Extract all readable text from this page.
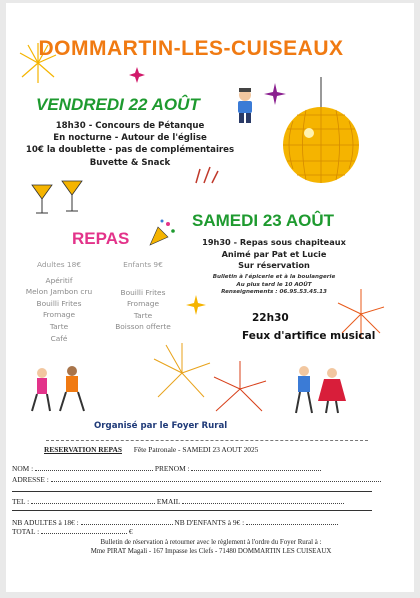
DOMMARTIN-LES-CUISEAUX
VENDREDI 22 AOÛT
18h30 - Concours de Pétanque
En nocturne - Autour de l'église
10€ la doublette - pas de complémentaires
Buvette & Snack
REPAS
SAMEDI 23 AOÛT
19h30 - Repas sous chapiteaux
Animé par Pat et Lucie
Sur réservation
Bulletin à l'épicerie et à la boulangerie
Au plus tard le 10 AOÛT
Renseignements : 06.95.53.45.13
Adultes 18€
Apéritif
Melon Jambon cru
Bouilli Frites
Fromage
Tarte
Café
Enfants 9€
Bouilli Frites
Fromage
Tarte
Boisson offerte
22h30
Feux d'artifice musical
Organisé par le Foyer Rural
RESERVATION REPAS Fête Patronale - SAMEDI 23 AOUT 2025
NOM :	PRENOM :
ADRESSE :
TEL :	EMAIL
NB ADULTES à 18€ :	NB D'ENFANTS à 9€ :
TOTAL :	€
Bulletin de réservation à retourner avec le règlement à l'ordre du Foyer Rural à :
Mme PIRAT Magali - 167 Impasse les Clefs - 71480 DOMMARTIN LES CUISEAUX
